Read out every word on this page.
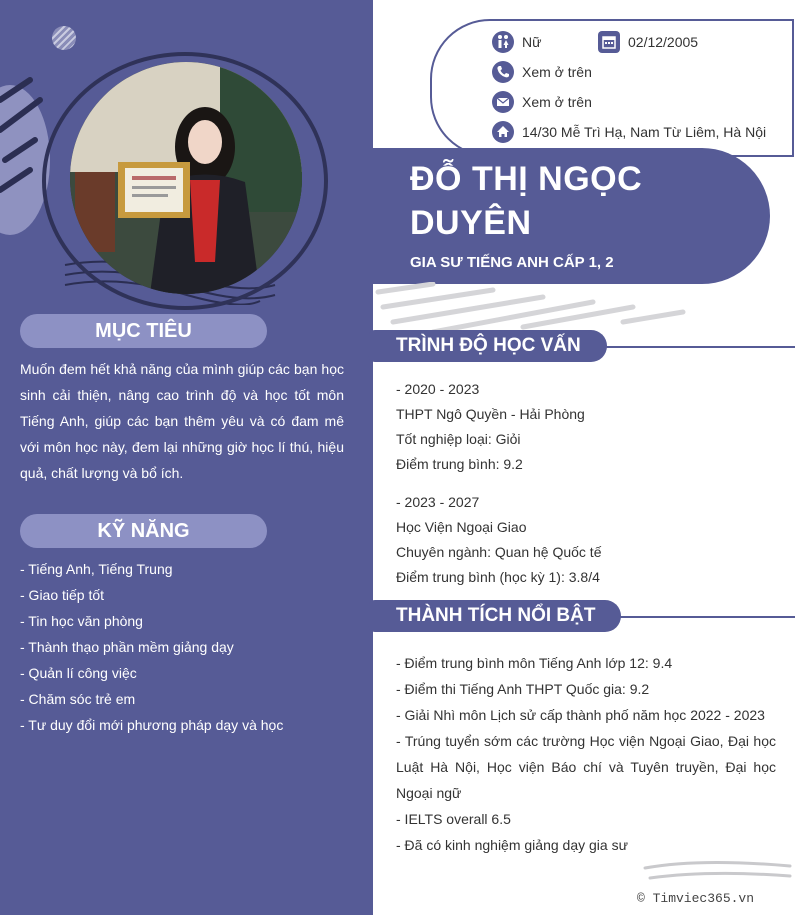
MỤC TIÊU
Muốn đem hết khả năng của mình giúp các bạn học sinh cải thiện, nâng cao trình độ và học tốt môn Tiếng Anh, giúp các bạn thêm yêu và có đam mê với môn học này, đem lại những giờ học lí thú, hiệu quả, chất lượng và bổ ích.
KỸ NĂNG
- Tiếng Anh, Tiếng Trung
- Giao tiếp tốt
- Tin học văn phòng
- Thành thạo phần mềm giảng dạy
- Quản lí công việc
- Chăm sóc trẻ em
- Tư duy đổi mới phương pháp dạy và học
Nữ	02/12/2005
Xem ở trên
Xem ở trên
14/30 Mễ Trì Hạ, Nam Từ Liêm, Hà Nội
ĐỖ THỊ NGỌC
DUYÊN
GIA SƯ TIẾNG ANH CẤP 1, 2
TRÌNH ĐỘ HỌC VẤN
- 2020 - 2023
THPT Ngô Quyền - Hải Phòng
Tốt nghiệp loại: Giỏi
Điểm trung bình: 9.2
- 2023 - 2027
Học Viện Ngoại Giao
Chuyên ngành: Quan hệ Quốc tế
Điểm trung bình (học kỳ 1): 3.8/4
THÀNH TÍCH NỔI BẬT
- Điểm trung bình môn Tiếng Anh lớp 12: 9.4
- Điểm thi Tiếng Anh THPT Quốc gia: 9.2
- Giải Nhì môn Lịch sử cấp thành phố năm học 2022 - 2023
- Trúng tuyển sớm các trường Học viện Ngoại Giao, Đại học Luật Hà Nội, Học viện Báo chí và Tuyên truyền, Đại học Ngoại ngữ
- IELTS overall 6.5
- Đã có kinh nghiệm giảng dạy gia sư
© Timviec365.vn
